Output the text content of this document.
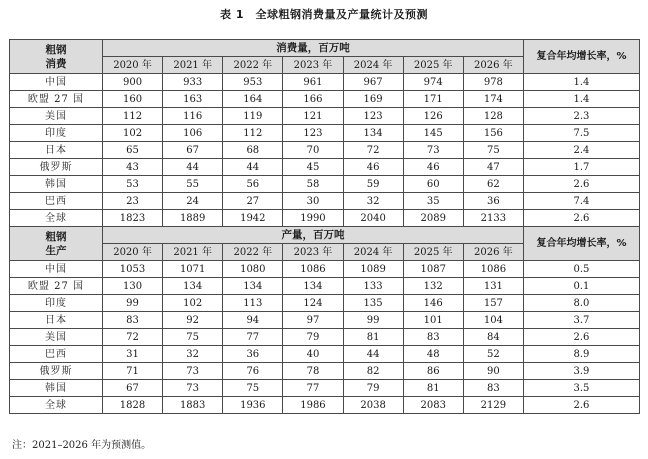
表 1　全球粗钢消费量及产量统计及预测
粗钢
消费	消费量，百万吨							复合年均增长率，%
	2020 年	2021 年	2022 年	2023 年	2024 年	2025 年	2026 年	
中国	900	933	953	961	967	974	978	1.4
欧盟 27 国	160	163	164	166	169	171	174	1.4
美国	112	116	119	121	123	126	128	2.3
印度	102	106	112	123	134	145	156	7.5
日本	65	67	68	70	72	73	75	2.4
俄罗斯	43	44	44	45	46	46	47	1.7
韩国	53	55	56	58	59	60	62	2.6
巴西	23	24	27	30	32	35	36	7.4
全球	1823	1889	1942	1990	2040	2089	2133	2.6
粗钢
生产	产量，百万吨							复合年均增长率，%
	2020 年	2021 年	2022 年	2023 年	2024 年	2025 年	2026 年	
中国	1053	1071	1080	1086	1089	1087	1086	0.5
欧盟 27 国	130	134	134	134	133	132	131	0.1
印度	99	102	113	124	135	146	157	8.0
日本	83	92	94	97	99	101	104	3.7
美国	72	75	77	79	81	83	84	2.6
巴西	31	32	36	40	44	48	52	8.9
俄罗斯	71	73	76	78	82	86	90	3.9
韩国	67	73	75	77	79	81	83	3.5
全球	1828	1883	1936	1986	2038	2083	2129	2.6
注：2021–2026 年为预测值。
